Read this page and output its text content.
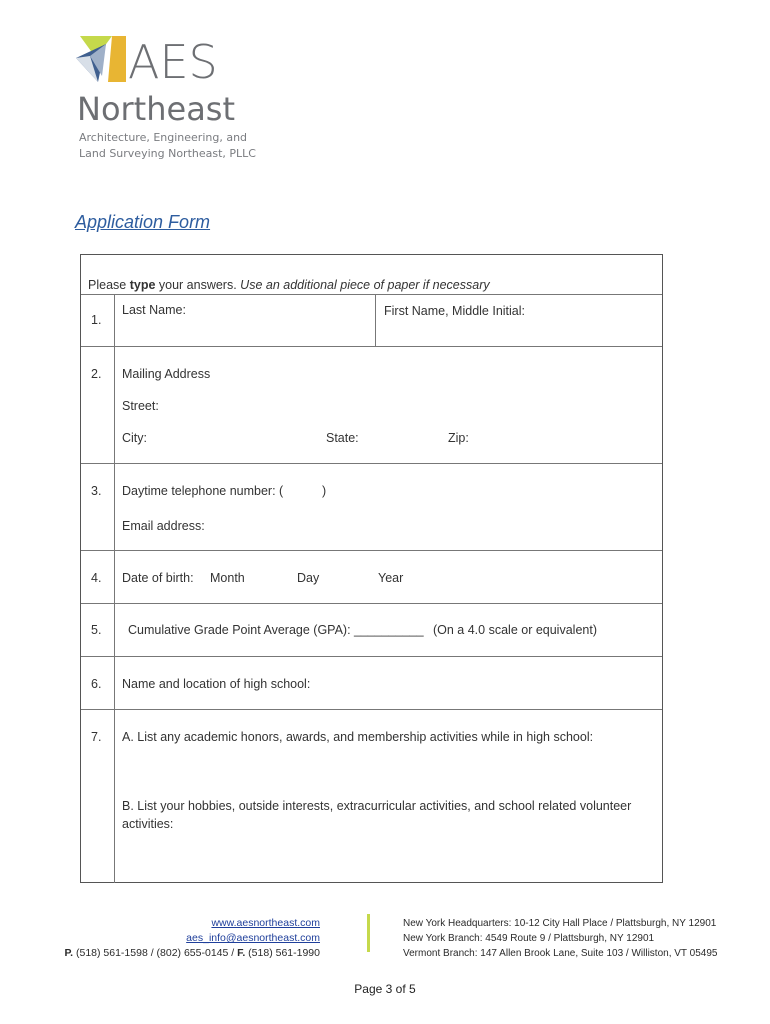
AES
Northeast
Architecture, Engineering, and
Land Surveying Northeast, PLLC
Application Form
Please type your answers. Use an additional piece of paper if necessary
1.
Last Name:	First Name, Middle Initial:
2. Mailing Address
Street:
City:	State:	Zip:
3. Daytime telephone number: (	)
Email address:
4. Date of birth: Month	Day	Year
5. Cumulative Grade Point Average (GPA): __________ (On a 4.0 scale or equivalent)
6. Name and location of high school:
7. A. List any academic honors, awards, and membership activities while in high school:
B. List your hobbies, outside interests, extracurricular activities, and school related volunteer
activities:
www.aesnortheast.com
aes_info@aesnortheast.com
P. (518) 561-1598 / (802) 655-0145 / F. (518) 561-1990
New York Headquarters: 10-12 City Hall Place / Plattsburgh, NY 12901
New York Branch: 4549 Route 9 / Plattsburgh, NY 12901
Vermont Branch: 147 Allen Brook Lane, Suite 103 / Williston, VT 05495
Page 3 of 5
